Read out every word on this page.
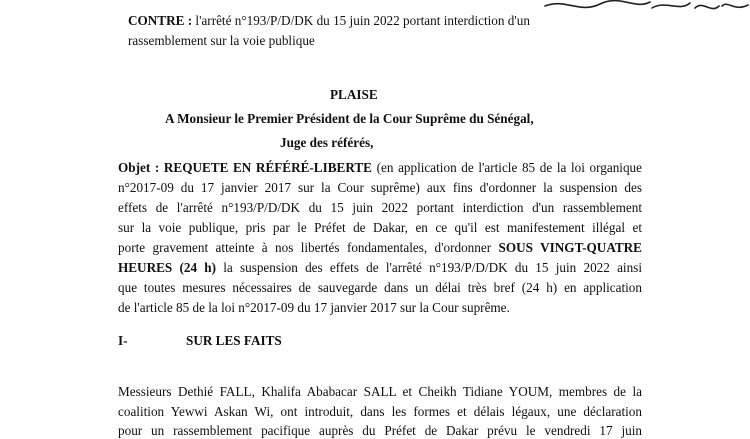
CONTRE : l'arrêté n°193/P/D/DK du 15 juin 2022 portant interdiction d'un
rassemblement sur la voie publique
PLAISE
A Monsieur le Premier Président de la Cour Suprême du Sénégal,
Juge des référés,
Objet : REQUETE EN RÉFÉRÉ-LIBERTE (en application de l'article 85 de la loi organique
n°2017-09 du 17 janvier 2017 sur la Cour suprême) aux fins d'ordonner la suspension des
effets de l'arrêté n°193/P/D/DK du 15 juin 2022 portant interdiction d'un rassemblement
sur la voie publique, pris par le Préfet de Dakar, en ce qu'il est manifestement illégal et
porte gravement atteinte à nos libertés fondamentales, d'ordonner SOUS VINGT-QUATRE
HEURES (24 h) la suspension des effets de l'arrêté n°193/P/D/DK du 15 juin 2022 ainsi
que toutes mesures nécessaires de sauvegarde dans un délai très bref (24 h) en application
de l'article 85 de la loi n°2017-09 du 17 janvier 2017 sur la Cour suprême.
I-	SUR LES FAITS
Messieurs Dethié FALL, Khalifa Ababacar SALL et Cheikh Tidiane YOUM, membres de la
coalition Yewwi Askan Wi, ont introduit, dans les formes et délais légaux, une déclaration
pour un rassemblement pacifique auprès du Préfet de Dakar prévu le vendredi 17 juin
